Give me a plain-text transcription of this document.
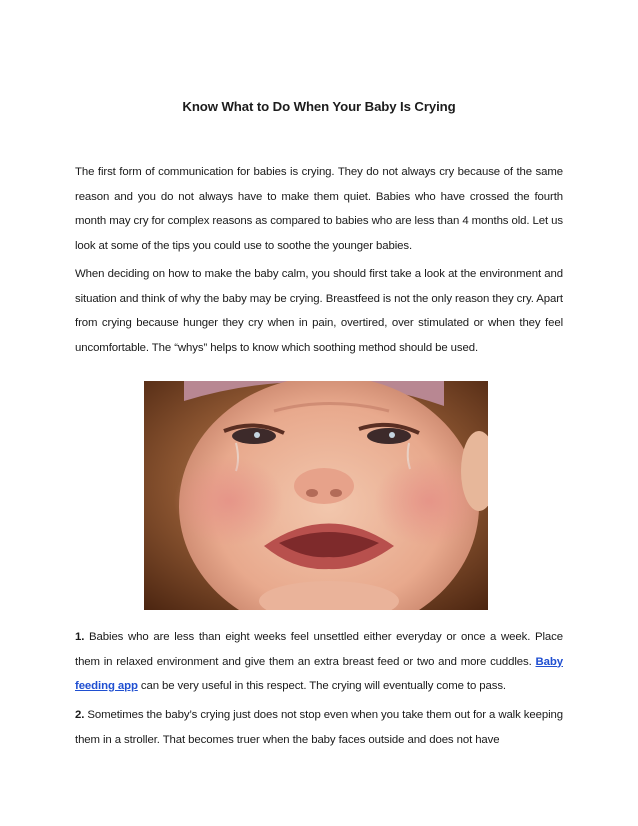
Know What to Do When Your Baby Is Crying

The first form of communication for babies is crying. They do not always cry because of the same reason and you do not always have to make them quiet. Babies who have crossed the fourth month may cry for complex reasons as compared to babies who are less than 4 months old. Let us look at some of the tips you could use to soothe the younger babies.

When deciding on how to make the baby calm, you should first take a look at the environment and situation and think of why the baby may be crying. Breastfeed is not the only reason they cry. Apart from crying because hunger they cry when in pain, overtired, over stimulated or when they feel uncomfortable. The “whys” helps to know which soothing method should be used.

1. Babies who are less than eight weeks feel unsettled either everyday or once a week. Place them in relaxed environment and give them an extra breast feed or two and more cuddles. Baby feeding app can be very useful in this respect. The crying will eventually come to pass.

2. Sometimes the baby’s crying just does not stop even when you take them out for a walk keeping them in a stroller. That becomes truer when the baby faces outside and does not have
